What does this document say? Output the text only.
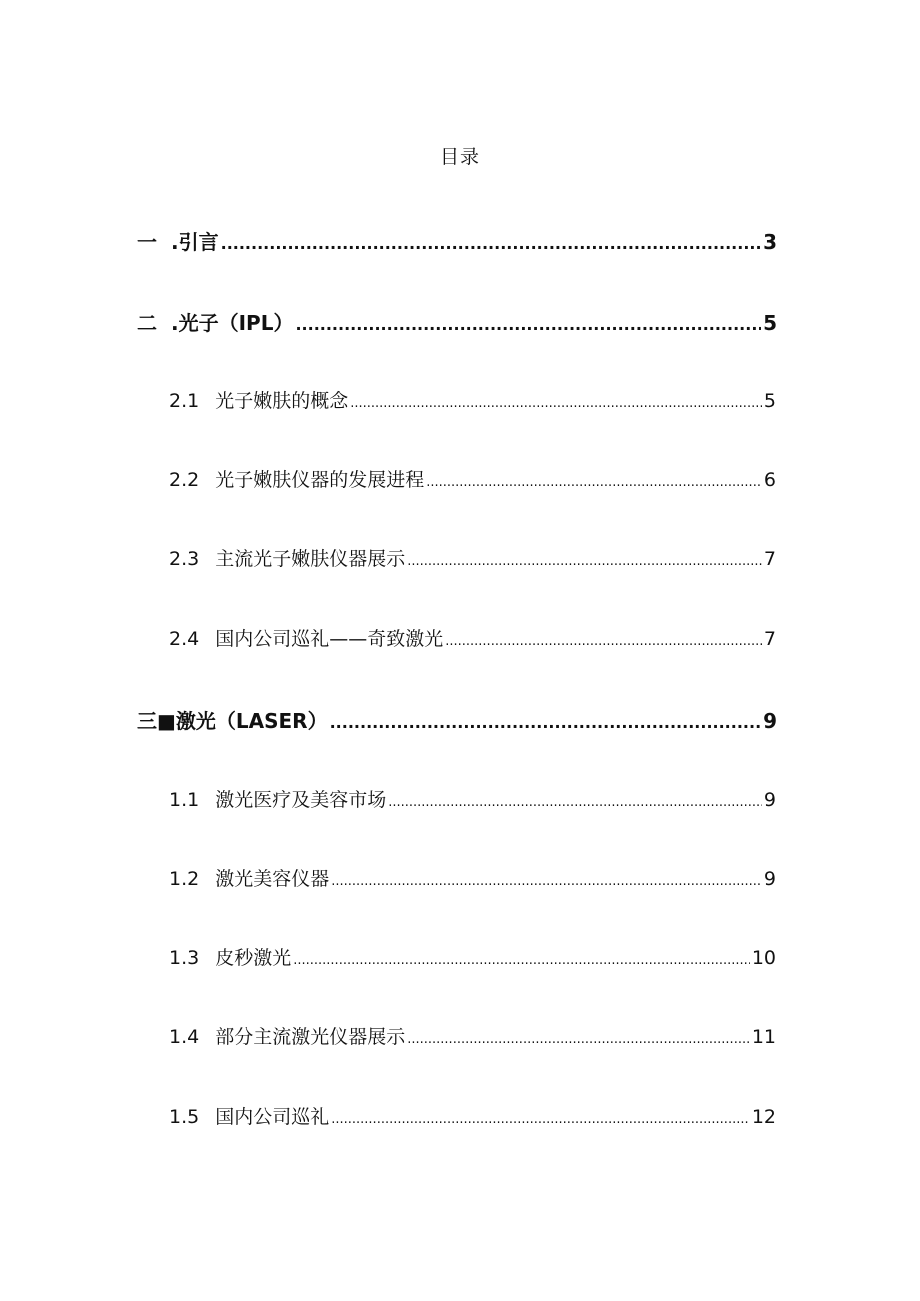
目录
一 .引言 .....	3
二 .光子（IPL） .....	5
2.1 光子嫩肤的概念 .....	5
2.2 光子嫩肤仪器的发展进程 .....	6
2.3 主流光子嫩肤仪器展示 .....	7
2.4 国内公司巡礼——奇致激光 .....	7
三 ■激光（LASER） .....	9
1.1 激光医疗及美容市场 .....	9
1.2 激光美容仪器 .....	9
1.3 皮秒激光 .....	10
1.4 部分主流激光仪器展示 .....	11
1.5 国内公司巡礼 .....	12
